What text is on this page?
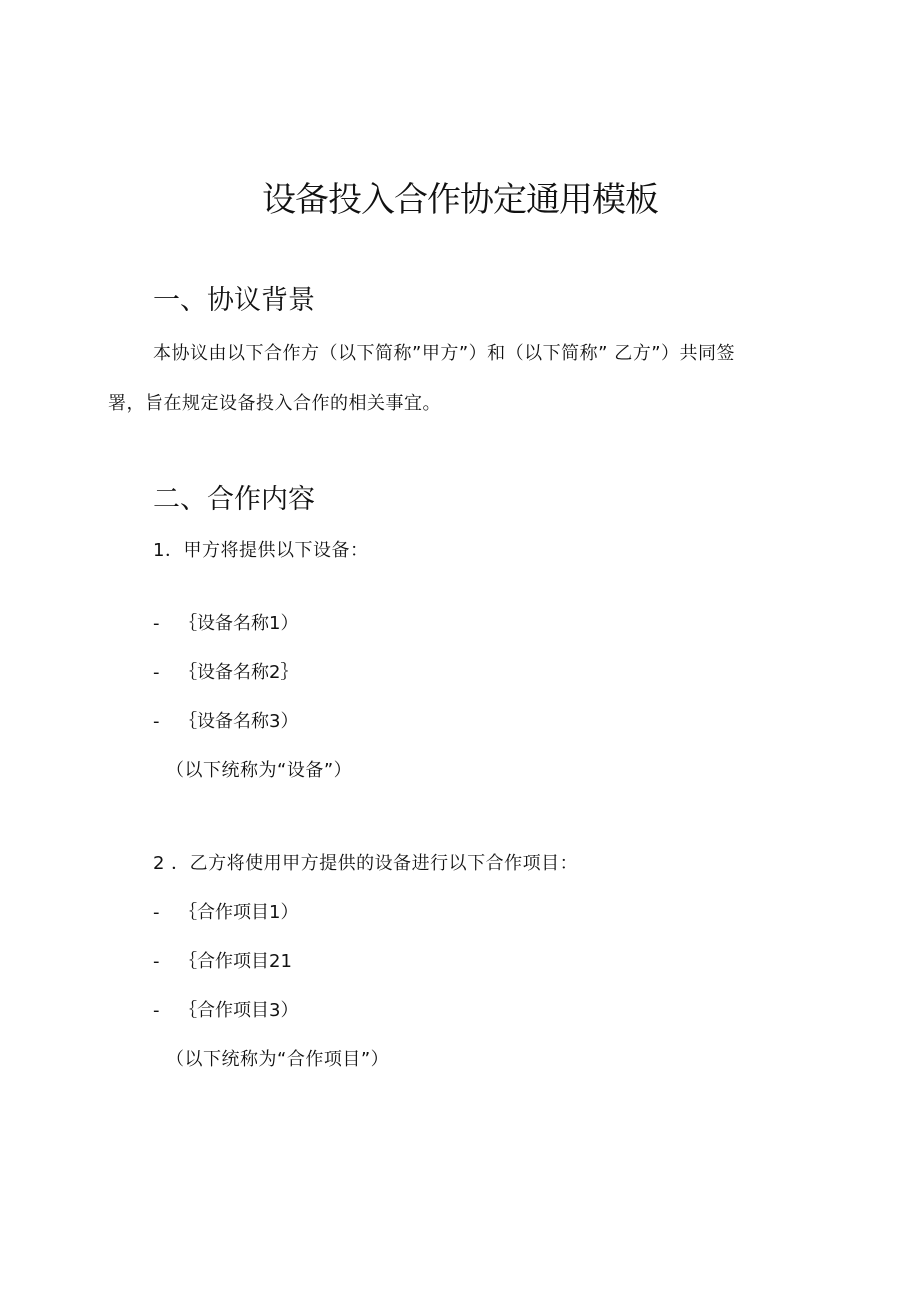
设备投入合作协定通用模板
一、协议背景
本协议由以下合作方（以下简称”甲方”）和（以下简称” 乙方”）共同签
署，旨在规定设备投入合作的相关事宜。
二、合作内容
1．甲方将提供以下设备：
- ｛设备名称1）
- ｛设备名称2｝
- ｛设备名称3）
（以下统称为“设备”）
2 ．乙方将使用甲方提供的设备进行以下合作项目：
- ｛合作项目1）
- ｛合作项目21
- ｛合作项目3）
（以下统称为“合作项目”）
